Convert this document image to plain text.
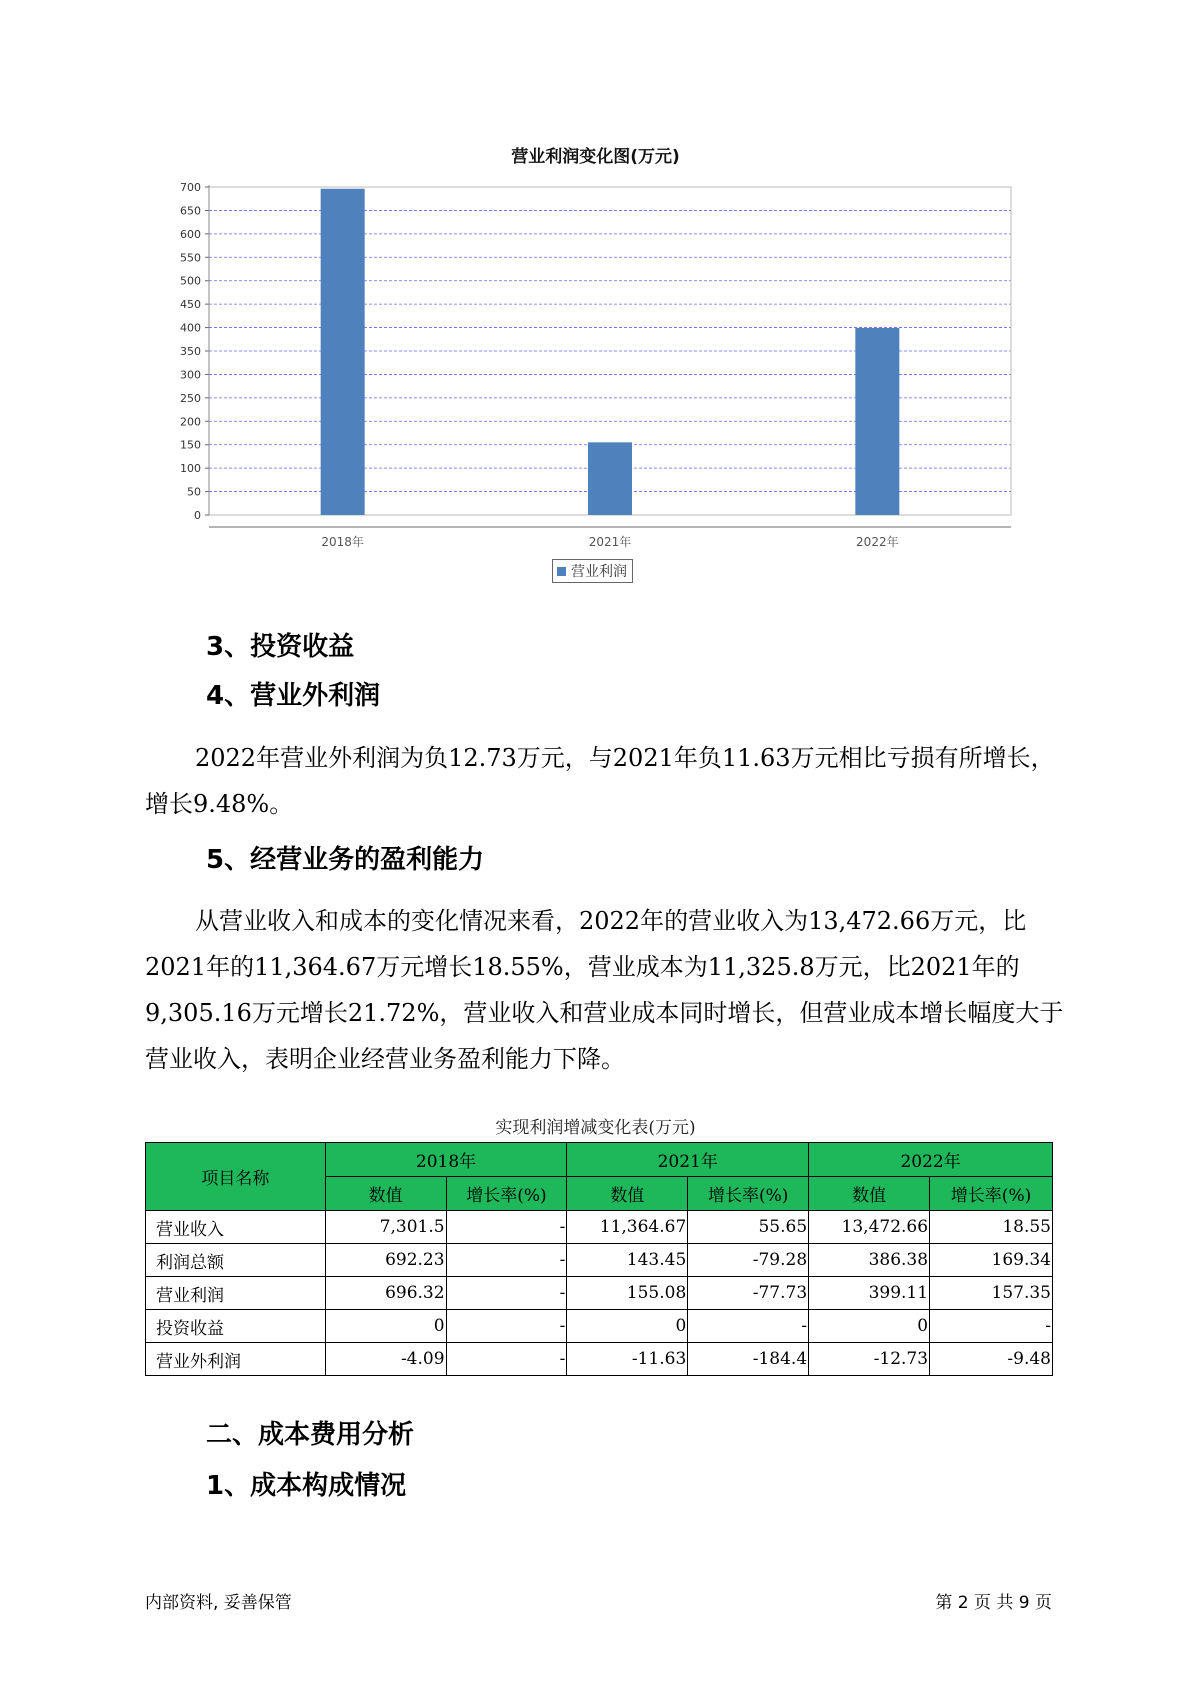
营业利润变化图(万元)
0
50
100
150
200
250
300
350
400
450
500
550
600
650
700
2018年	2021年	2022年
营业利润
3、投资收益
4、营业外利润
2022年营业外利润为负12.73万元，与2021年负11.63万元相比亏损有所增长，增长9.48%。
5、经营业务的盈利能力
从营业收入和成本的变化情况来看，2022年的营业收入为13,472.66万元，比2021年的11,364.67万元增长18.55%，营业成本为11,325.8万元，比2021年的9,305.16万元增长21.72%，营业收入和营业成本同时增长，但营业成本增长幅度大于营业收入，表明企业经营业务盈利能力下降。
实现利润增减变化表(万元)
项目名称	2018年		2021年		2022年	
	数值	增长率(%)	数值	增长率(%)	数值	增长率(%)
营业收入	7,301.5	-	11,364.67	55.65	13,472.66	18.55
利润总额	692.23	-	143.45	-79.28	386.38	169.34
营业利润	696.32	-	155.08	-77.73	399.11	157.35
投资收益	0	-	0	-	0	-
营业外利润	-4.09	-	-11.63	-184.4	-12.73	-9.48
二、成本费用分析
1、成本构成情况
内部资料, 妥善保管	第 2 页 共 9 页
